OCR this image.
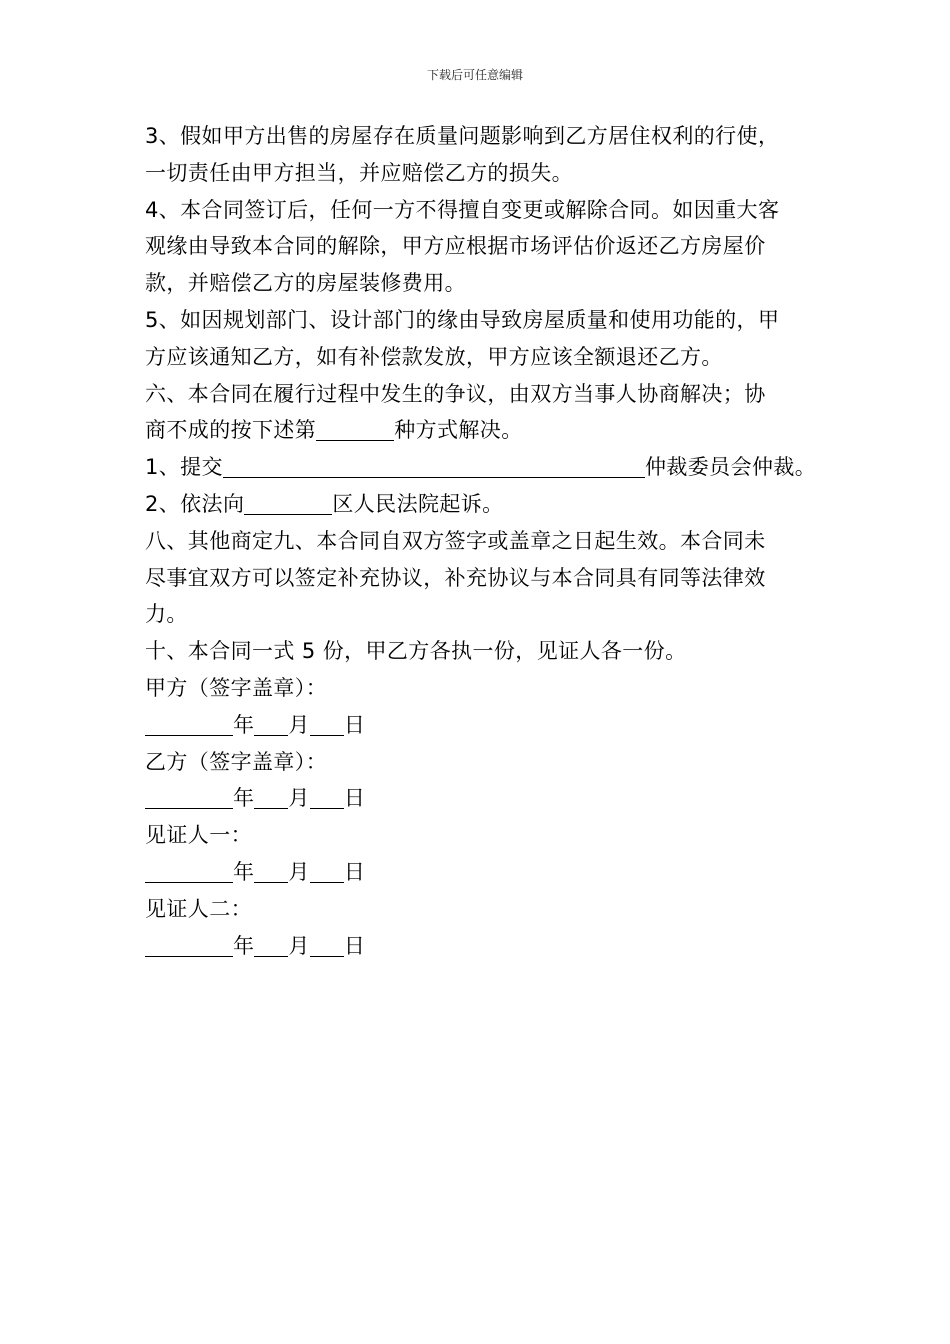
下载后可任意编辑
3、假如甲方出售的房屋存在质量问题影响到乙方居住权利的行使，
一切责任由甲方担当，并应赔偿乙方的损失。
4、本合同签订后，任何一方不得擅自变更或解除合同。如因重大客
观缘由导致本合同的解除，甲方应根据市场评估价返还乙方房屋价
款，并赔偿乙方的房屋装修费用。
5、如因规划部门、设计部门的缘由导致房屋质量和使用功能的，甲
方应该通知乙方，如有补偿款发放，甲方应该全额退还乙方。
六、本合同在履行过程中发生的争议，由双方当事人协商解决；协
商不成的按下述第	种方式解决。
1、提交	仲裁委员会仲裁。
2、依法向	区人民法院起诉。
八、其他商定九、本合同自双方签字或盖章之日起生效。本合同未
尽事宜双方可以签定补充协议，补充协议与本合同具有同等法律效
力。
十、本合同一式 5 份，甲乙方各执一份，见证人各一份。
甲方（签字盖章）：
年 月 日
乙方（签字盖章）：
年 月 日
见证人一：
年 月 日
见证人二：
年 月 日
